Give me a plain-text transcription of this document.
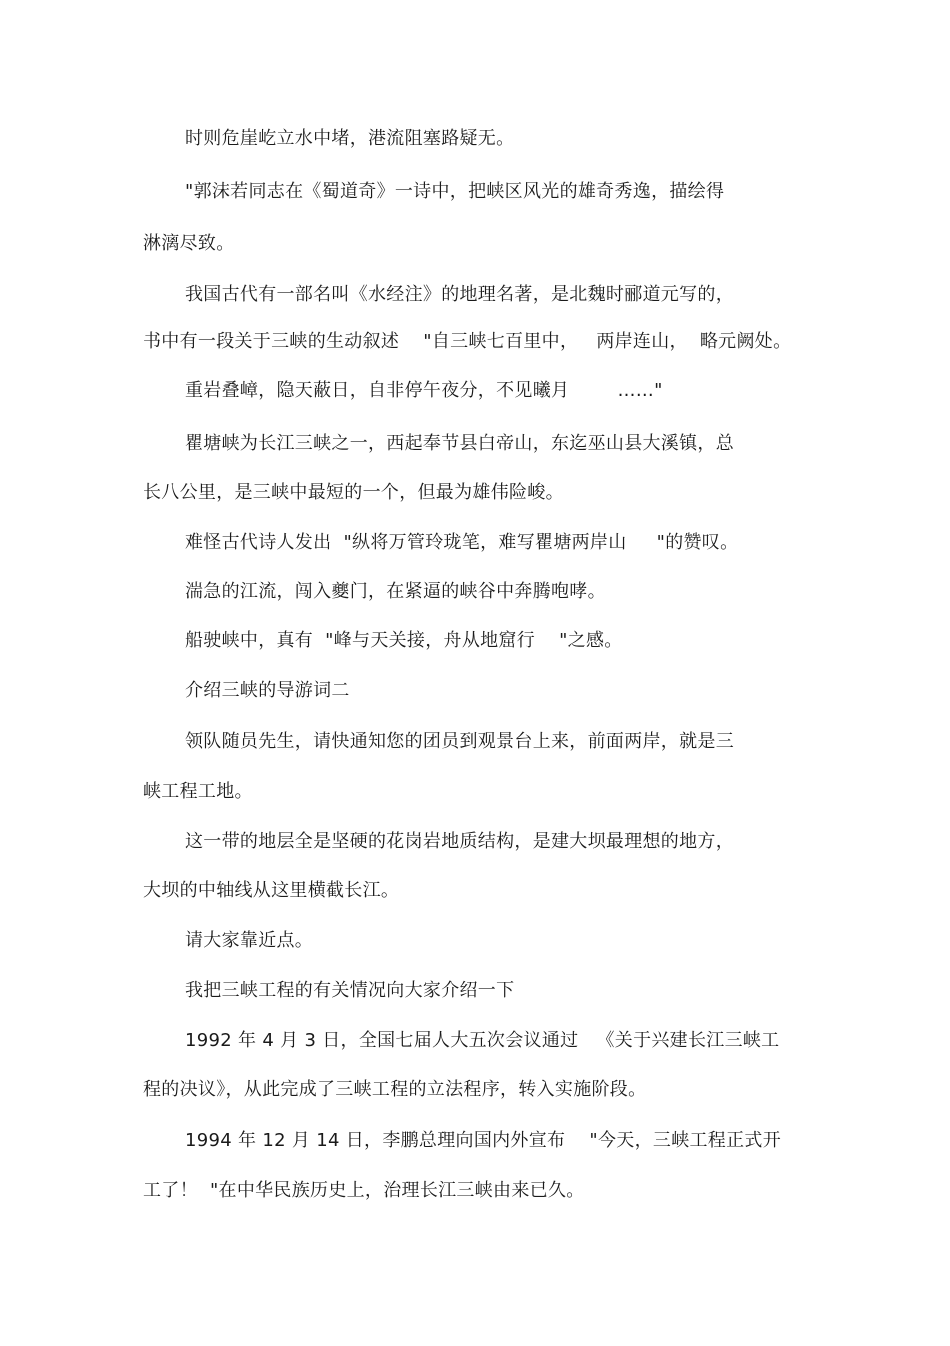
时则危崖屹立水中堵，港流阻塞路疑无。
"郭沫若同志在《蜀道奇》一诗中，把峡区风光的雄奇秀逸，描绘得
淋漓尽致。
我国古代有一部名叫《水经注》的地理名著，是北魏时郦道元写的，
书中有一段关于三峡的生动叙述    "自三峡七百里中，   两岸连山，  略元阙处。
重岩叠嶂，隐天蔽日，自非停午夜分，不见曦月        ……"
瞿塘峡为长江三峡之一，西起奉节县白帝山，东迄巫山县大溪镇，总
长八公里，是三峡中最短的一个，但最为雄伟险峻。
难怪古代诗人发出  "纵将万管玲珑笔，难写瞿塘两岸山     "的赞叹。
湍急的江流，闯入夔门，在紧逼的峡谷中奔腾咆哮。
船驶峡中，真有  "峰与天关接，舟从地窟行    "之感。
介绍三峡的导游词二
领队随员先生，请快通知您的团员到观景台上来，前面两岸，就是三
峡工程工地。
这一带的地层全是坚硬的花岗岩地质结构，是建大坝最理想的地方，
大坝的中轴线从这里横截长江。
请大家靠近点。
我把三峡工程的有关情况向大家介绍一下
1992 年 4 月 3 日，全国七届人大五次会议通过   《关于兴建长江三峡工
程的决议》，从此完成了三峡工程的立法程序，转入实施阶段。
1994 年 12 月 14 日，李鹏总理向国内外宣布    "今天，三峡工程正式开
工了！  "在中华民族历史上，治理长江三峡由来已久。
